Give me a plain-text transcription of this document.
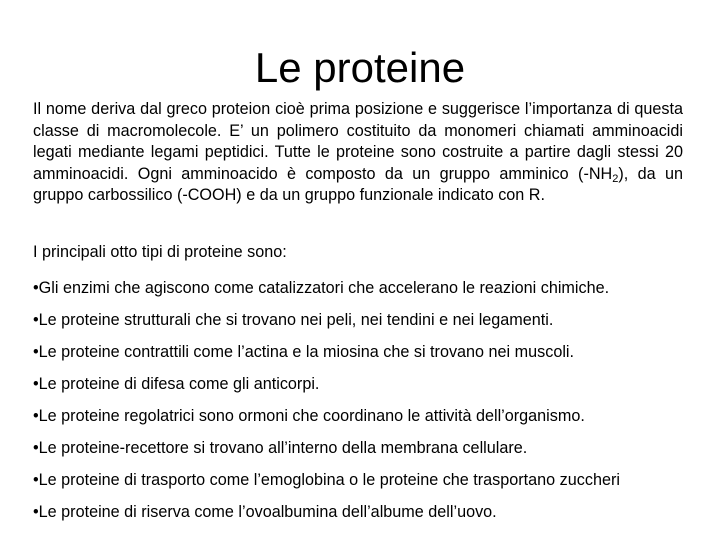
Le proteine

Il nome deriva dal greco proteion cioè prima posizione e suggerisce l’importanza di questa classe di macromolecole. E’ un polimero costituito da monomeri chiamati amminoacidi legati mediante legami peptidici. Tutte le proteine sono costruite a partire dagli stessi 20 amminoacidi. Ogni amminoacido è composto da un gruppo amminico $(-NH_2)$, da un gruppo carbossilico (-COOH) e da un gruppo funzionale indicato con R.

I principali otto tipi di proteine sono:

•Gli enzimi che agiscono come catalizzatori che accelerano le reazioni chimiche.
•Le proteine strutturali che si trovano nei peli, nei tendini e nei legamenti.
•Le proteine contrattili come l’actina e la miosina che si trovano nei muscoli.
•Le proteine di difesa come gli anticorpi.
•Le proteine regolatrici sono ormoni che coordinano le attività dell’organismo.
•Le proteine-recettore si trovano all’interno della membrana cellulare.
•Le proteine di trasporto come l’emoglobina o le proteine che trasportano zuccheri
•Le proteine di riserva come l’ovoalbumina dell’albume dell’uovo.
